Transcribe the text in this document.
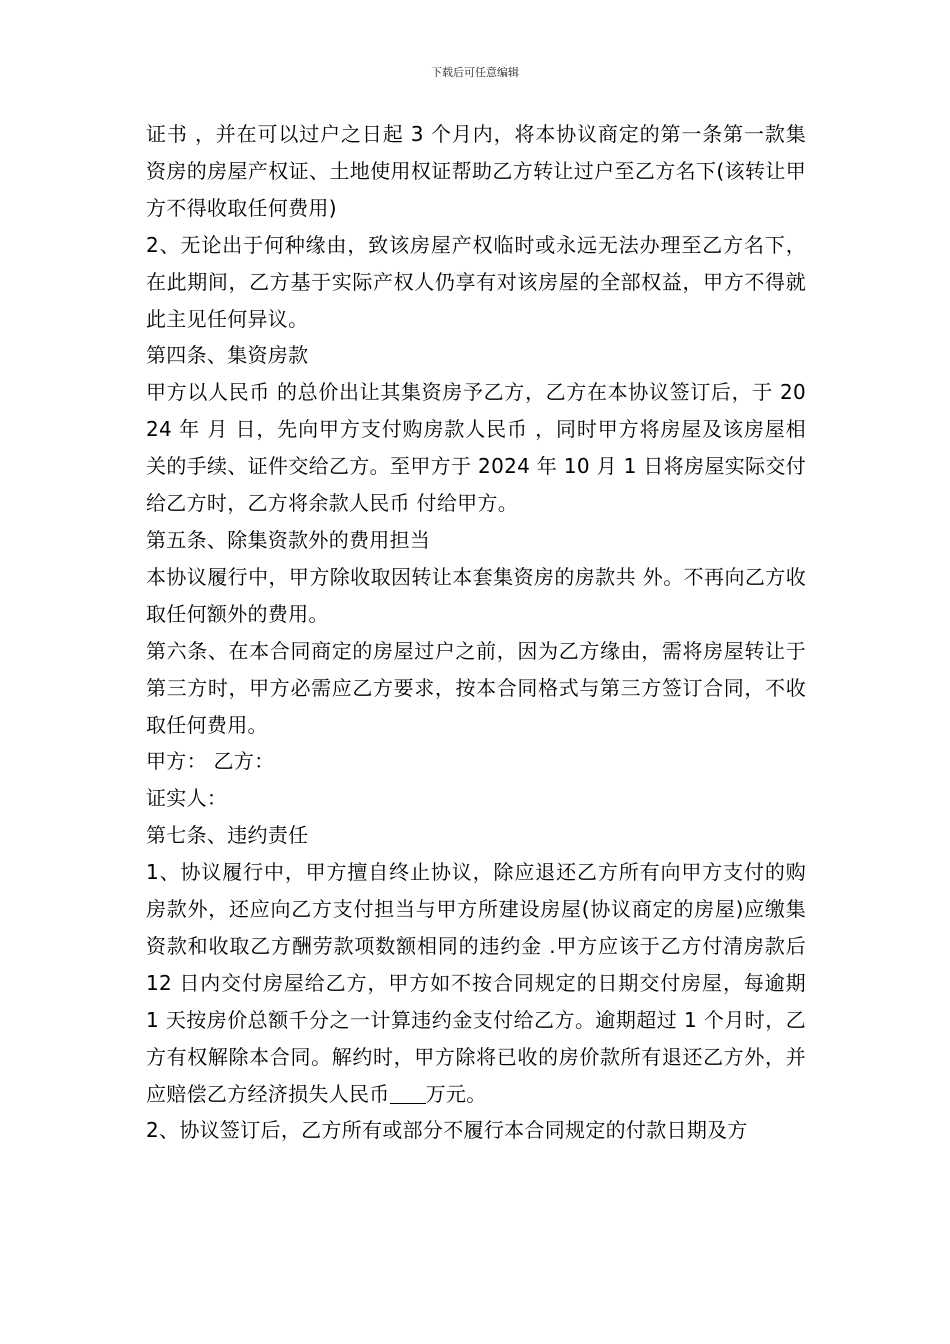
下载后可任意编辑

证书 ，并在可以过户之日起 3 个月内，将本协议商定的第一条第一款集资房的房屋产权证、土地使用权证帮助乙方转让过户至乙方名下(该转让甲方不得收取任何费用)

2、无论出于何种缘由，致该房屋产权临时或永远无法办理至乙方名下，在此期间，乙方基于实际产权人仍享有对该房屋的全部权益，甲方不得就此主见任何异议。

第四条、集资房款

甲方以人民币 的总价出让其集资房予乙方，乙方在本协议签订后，于 2024 年 月 日，先向甲方支付购房款人民币 ，同时甲方将房屋及该房屋相关的手续、证件交给乙方。至甲方于 2024 年 10 月 1 日将房屋实际交付给乙方时，乙方将余款人民币 付给甲方。

第五条、除集资款外的费用担当

本协议履行中，甲方除收取因转让本套集资房的房款共 外。不再向乙方收取任何额外的费用。

第六条、在本合同商定的房屋过户之前，因为乙方缘由，需将房屋转让于第三方时，甲方必需应乙方要求，按本合同格式与第三方签订合同，不收取任何费用。

甲方： 乙方：

证实人：

第七条、违约责任

1、协议履行中，甲方擅自终止协议，除应退还乙方所有向甲方支付的购房款外，还应向乙方支付担当与甲方所建设房屋(协议商定的房屋)应缴集资款和收取乙方酬劳款项数额相同的违约金 .甲方应该于乙方付清房款后 12 日内交付房屋给乙方，甲方如不按合同规定的日期交付房屋，每逾期 1 天按房价总额千分之一计算违约金支付给乙方。逾期超过 1 个月时，乙方有权解除本合同。解约时，甲方除将已收的房价款所有退还乙方外，并应赔偿乙方经济损失人民币 万元。

2、协议签订后，乙方所有或部分不履行本合同规定的付款日期及方
